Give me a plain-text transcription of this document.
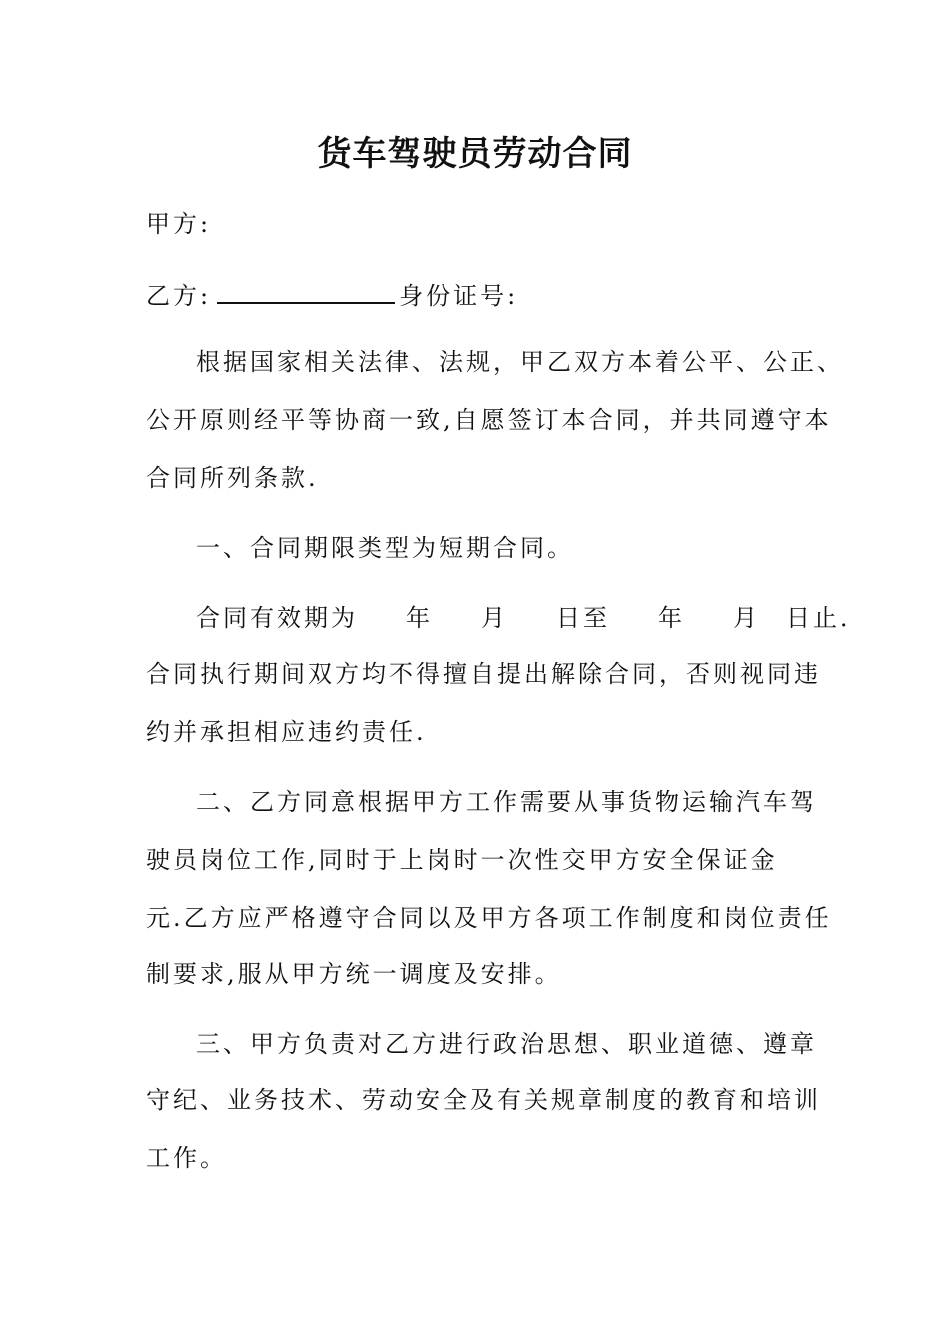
货车驾驶员劳动合同
甲方:
乙方:	身份证号:
根据国家相关法律、法规，甲乙双方本着公平、公正、
公开原则经平等协商一致,自愿签订本合同，并共同遵守本
合同所列条款.
一、合同期限类型为短期合同。
合同有效期为 年 月 日至 年 月 日止．
合同执行期间双方均不得擅自提出解除合同，否则视同违
约并承担相应违约责任.
二、乙方同意根据甲方工作需要从事货物运输汽车驾
驶员岗位工作,同时于上岗时一次性交甲方安全保证金
元.乙方应严格遵守合同以及甲方各项工作制度和岗位责任
制要求,服从甲方统一调度及安排。
三、甲方负责对乙方进行政治思想、职业道德、遵章
守纪、业务技术、劳动安全及有关规章制度的教育和培训
工作。
